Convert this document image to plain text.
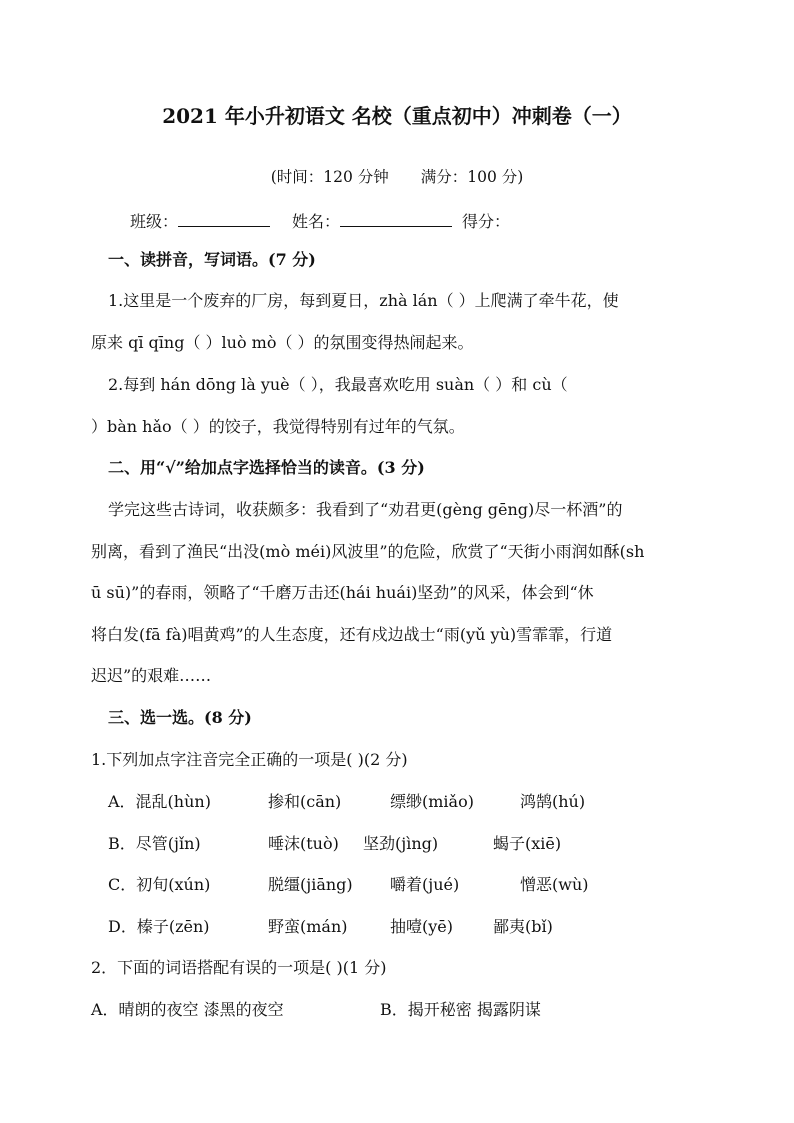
2021 年小升初语文 名校（重点初中）冲刺卷（一）
(时间：120 分钟 满分：100 分)
班级：	姓名：	得分：
一、读拼音，写词语。(7 分)
1.这里是一个废弃的厂房，每到夏日，zhà lán（ ）上爬满了牵牛花，使
原来 qī qīng（ ）luò mò（ ）的氛围变得热闹起来。
2.每到 hán dōng là yuè（ ），我最喜欢吃用 suàn（ ）和 cù（
）bàn hǎo（ ）的饺子，我觉得特别有过年的气氛。
二、用“√”给加点字选择恰当的读音。(3 分)
学完这些古诗词，收获颇多：我看到了“劝君更(gèng gēng)尽一杯酒”的
别离，看到了渔民“出没(mò méi)风波里”的危险，欣赏了“天街小雨润如酥(sh
ū sū)”的春雨，领略了“千磨万击还(hái huái)坚劲”的风采，体会到“休
将白发(fā fà)唱黄鸡”的人生态度，还有戍边战士“雨(yǔ yù)雪霏霏，行道
迟迟”的艰难……
三、选一选。(8 分)
1.下列加点字注音完全正确的一项是( )(2 分)
A．混乱(hùn)	掺和(cān)	缥缈(miǎo)	鸿鹄(hú)
B．尽管(jǐn)	唾沫(tuò) 坚劲(jìng)	蝎子(xiē)
C．初旬(xún)	脱缰(jiāng) 嚼着(jué)	憎恶(wù)
D．榛子(zēn)	野蛮(mán)	抽噎(yē)	鄙夷(bǐ)
2．下面的词语搭配有误的一项是( )(1 分)
A．晴朗的夜空 漆黑的夜空	B．揭开秘密 揭露阴谋
